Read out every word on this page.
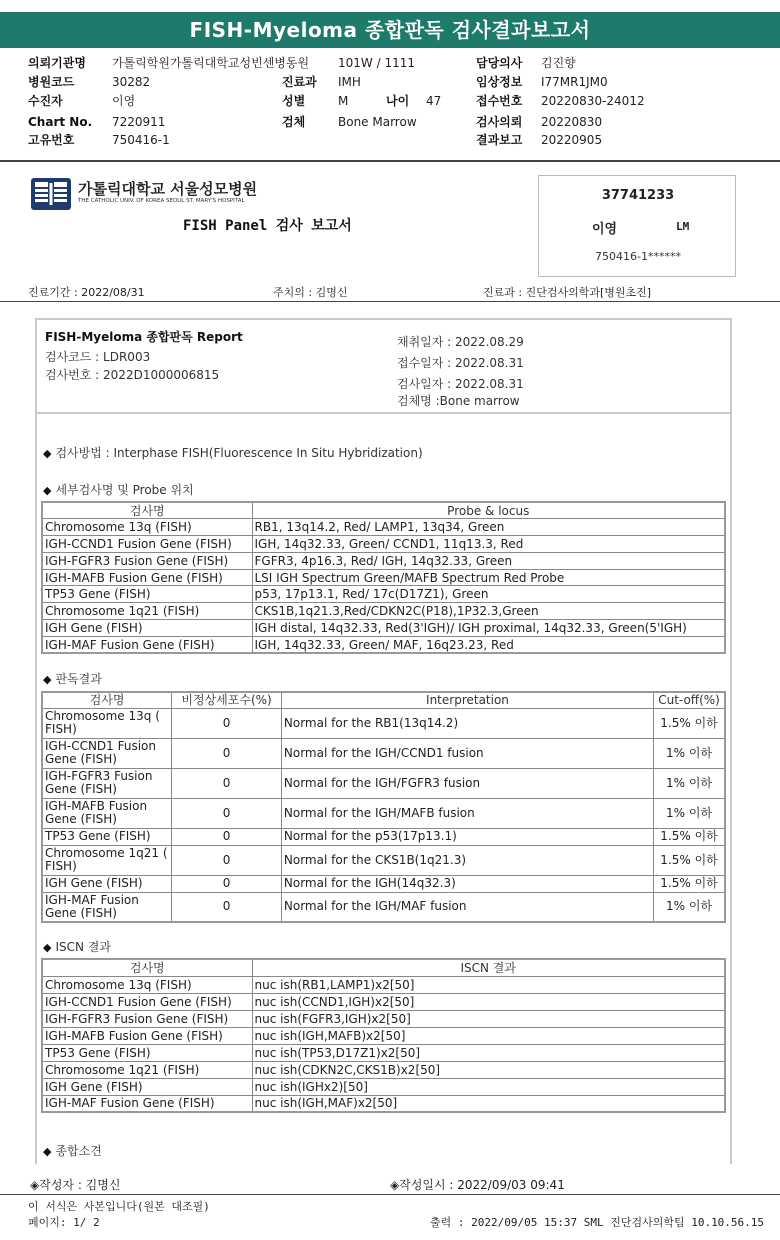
FISH-Myeloma 종합판독 검사결과보고서
의뢰기관명 가톨릭학원가톨릭대학교성빈센병동원 101W / 1111	담당의사 김진향
병원코드	30282	진료과 IMH	임상정보 I77MR1JM0
수진자	이영	성별	M	나이 47	접수번호 20220830-24012
Chart No. 7220911	검체	Bone Marrow	검사의뢰 20220830
고유번호	750416-1	결과보고 20220905
가톨릭대학교 서울성모병원
THE CATHOLIC UNIV. OF KOREA SEOUL ST. MARY'S HOSPITAL
FISH Panel 검사 보고서
37741233
이영	LM
750416-1******
진료기간 : 2022/08/31	주치의 : 김명신	진료과 : 진단검사의학과[병원초진]
FISH-Myeloma 종합판독 Report
검사코드 : LDR003
검사번호 : 2022D1000006815
채취일자 : 2022.08.29
접수일자 : 2022.08.31
검사일자 : 2022.08.31
검체명 :Bone marrow
◆ 검사방법 : Interphase FISH(Fluorescence In Situ Hybridization)
◆ 세부검사명 및 Probe 위치
검사명	Probe & locus
Chromosome 13q (FISH)	RB1, 13q14.2, Red/ LAMP1, 13q34, Green
IGH-CCND1 Fusion Gene (FISH)	IGH, 14q32.33, Green/ CCND1, 11q13.3, Red
IGH-FGFR3 Fusion Gene (FISH)	FGFR3, 4p16.3, Red/ IGH, 14q32.33, Green
IGH-MAFB Fusion Gene (FISH)	LSI IGH Spectrum Green/MAFB Spectrum Red Probe
TP53 Gene (FISH)	p53, 17p13.1, Red/ 17c(D17Z1), Green
Chromosome 1q21 (FISH)	CKS1B,1q21.3,Red/CDKN2C(P18),1P32.3,Green
IGH Gene (FISH)	IGH distal, 14q32.33, Red(3'IGH)/ IGH proximal, 14q32.33, Green(5'IGH)
IGH-MAF Fusion Gene (FISH)	IGH, 14q32.33, Green/ MAF, 16q23.23, Red
◆ 판독결과
검사명	비정상세포수(%)	Interpretation	Cut-off(%)
Chromosome 13q ( FISH)	0	Normal for the RB1(13q14.2)	1.5% 이하
IGH-CCND1 Fusion Gene (FISH)	0	Normal for the IGH/CCND1 fusion	1% 이하
IGH-FGFR3 Fusion Gene (FISH)	0	Normal for the IGH/FGFR3 fusion	1% 이하
IGH-MAFB Fusion Gene (FISH)	0	Normal for the IGH/MAFB fusion	1% 이하
TP53 Gene (FISH)	0	Normal for the p53(17p13.1)	1.5% 이하
Chromosome 1q21 ( FISH)	0	Normal for the CKS1B(1q21.3)	1.5% 이하
IGH Gene (FISH)	0	Normal for the IGH(14q32.3)	1.5% 이하
IGH-MAF Fusion Gene (FISH)	0	Normal for the IGH/MAF fusion	1% 이하
◆ ISCN 결과
검사명	ISCN 결과
Chromosome 13q (FISH)	nuc ish(RB1,LAMP1)x2[50]
IGH-CCND1 Fusion Gene (FISH)	nuc ish(CCND1,IGH)x2[50]
IGH-FGFR3 Fusion Gene (FISH)	nuc ish(FGFR3,IGH)x2[50]
IGH-MAFB Fusion Gene (FISH)	nuc ish(IGH,MAFB)x2[50]
TP53 Gene (FISH)	nuc ish(TP53,D17Z1)x2[50]
Chromosome 1q21 (FISH)	nuc ish(CDKN2C,CKS1B)x2[50]
IGH Gene (FISH)	nuc ish(IGHx2)[50]
IGH-MAF Fusion Gene (FISH)	nuc ish(IGH,MAF)x2[50]
◆ 종합소견
◈작성자 : 김명신	◈작성일시 : 2022/09/03 09:41
이 서식은 사본입니다(원본 대조필)
페이지: 1/ 2	출력 : 2022/09/05 15:37 SML 진단검사의학팀 10.10.56.15
